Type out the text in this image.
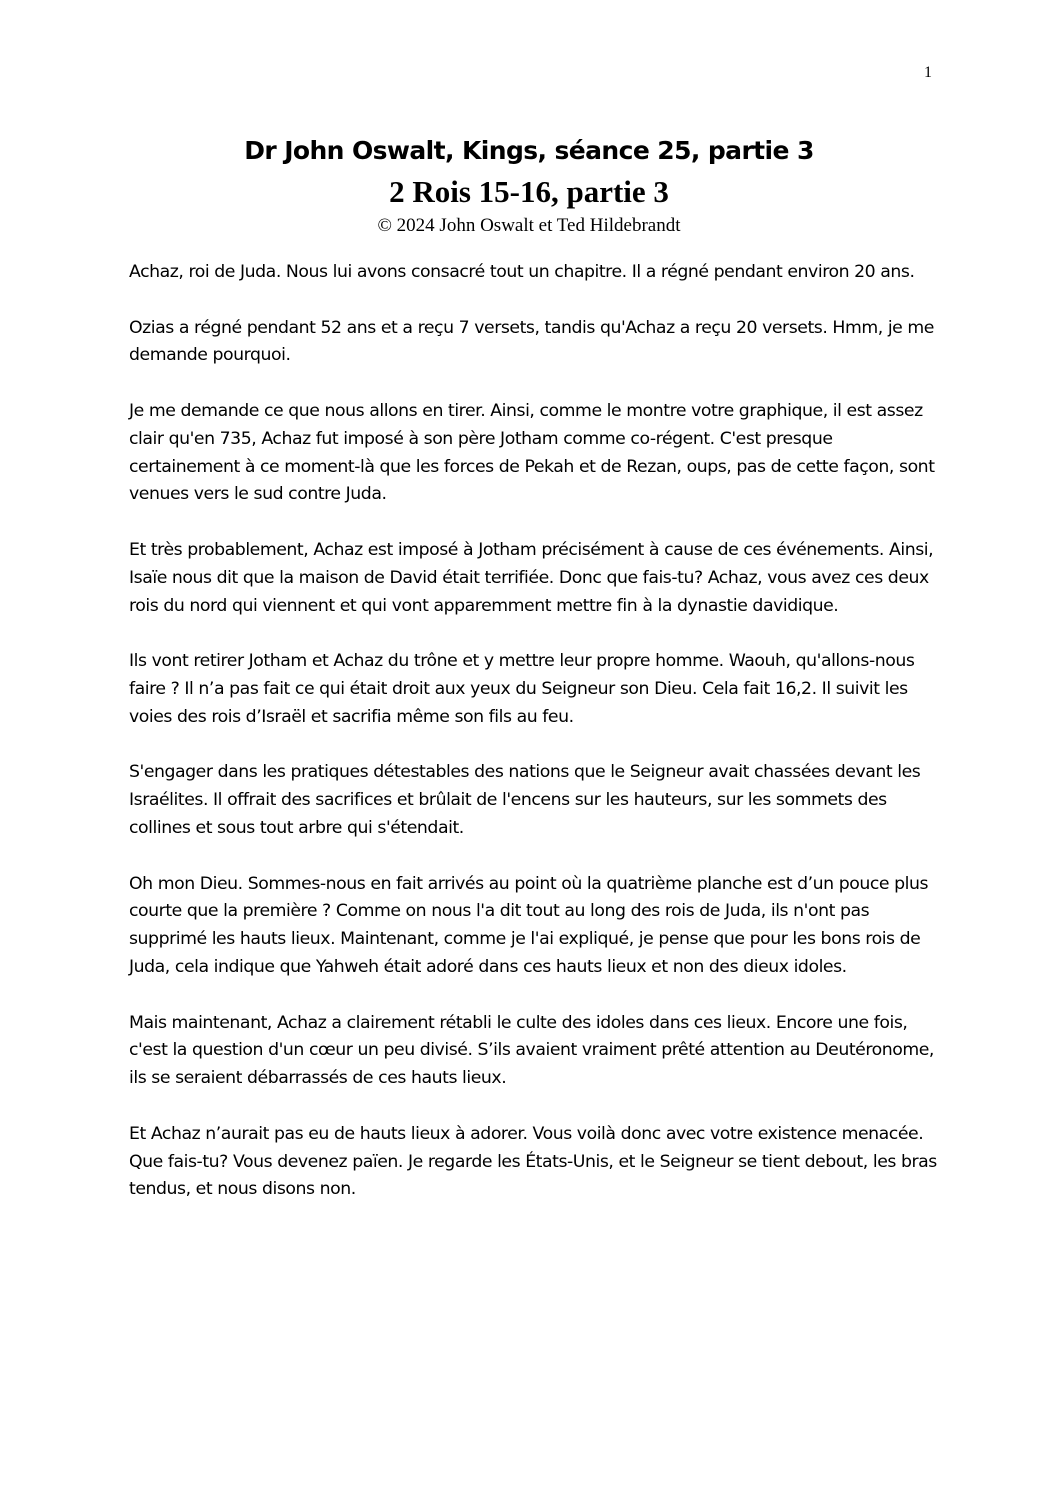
1
Dr John Oswalt, Kings, séance 25, partie 3
2 Rois 15-16, partie 3
© 2024 John Oswalt et Ted Hildebrandt

Achaz, roi de Juda. Nous lui avons consacré tout un chapitre. Il a régné pendant environ 20 ans.

Ozias a régné pendant 52 ans et a reçu 7 versets, tandis qu'Achaz a reçu 20 versets. Hmm, je me demande pourquoi.

Je me demande ce que nous allons en tirer. Ainsi, comme le montre votre graphique, il est assez clair qu'en 735, Achaz fut imposé à son père Jotham comme co-régent. C'est presque certainement à ce moment-là que les forces de Pekah et de Rezan, oups, pas de cette façon, sont venues vers le sud contre Juda.

Et très probablement, Achaz est imposé à Jotham précisément à cause de ces événements. Ainsi, Isaïe nous dit que la maison de David était terrifiée. Donc que fais-tu? Achaz, vous avez ces deux rois du nord qui viennent et qui vont apparemment mettre fin à la dynastie davidique.

Ils vont retirer Jotham et Achaz du trône et y mettre leur propre homme. Waouh, qu'allons-nous faire ? Il n’a pas fait ce qui était droit aux yeux du Seigneur son Dieu. Cela fait 16,2. Il suivit les voies des rois d’Israël et sacrifia même son fils au feu.

S'engager dans les pratiques détestables des nations que le Seigneur avait chassées devant les Israélites. Il offrait des sacrifices et brûlait de l'encens sur les hauteurs, sur les sommets des collines et sous tout arbre qui s'étendait.

Oh mon Dieu. Sommes-nous en fait arrivés au point où la quatrième planche est d’un pouce plus courte que la première ? Comme on nous l'a dit tout au long des rois de Juda, ils n'ont pas supprimé les hauts lieux. Maintenant, comme je l'ai expliqué, je pense que pour les bons rois de Juda, cela indique que Yahweh était adoré dans ces hauts lieux et non des dieux idoles.

Mais maintenant, Achaz a clairement rétabli le culte des idoles dans ces lieux. Encore une fois, c'est la question d'un cœur un peu divisé. S’ils avaient vraiment prêté attention au Deutéronome, ils se seraient débarrassés de ces hauts lieux.

Et Achaz n’aurait pas eu de hauts lieux à adorer. Vous voilà donc avec votre existence menacée. Que fais-tu? Vous devenez païen. Je regarde les États-Unis, et le Seigneur se tient debout, les bras tendus, et nous disons non.
